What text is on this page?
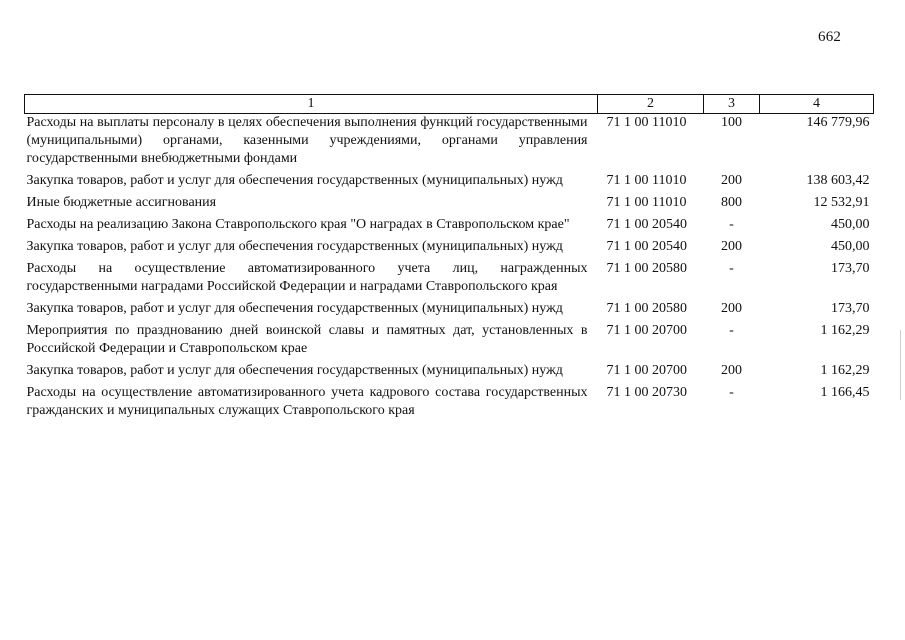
662
1	2	3	4
Расходы на выплаты персоналу в целях обеспечения выполнения функций государственными (муниципальными) органами, казенными учреждениями, органами управления государственными внебюджетными фондами	71 1 00 11010	100	146 779,96
Закупка товаров, работ и услуг для обеспечения государственных (муниципальных) нужд	71 1 00 11010	200	138 603,42
Иные бюджетные ассигнования	71 1 00 11010	800	12 532,91
Расходы на реализацию Закона Ставропольского края "О наградах в Ставропольском крае"	71 1 00 20540	-	450,00
Закупка товаров, работ и услуг для обеспечения государственных (муниципальных) нужд	71 1 00 20540	200	450,00
Расходы на осуществление автоматизированного учета лиц, награжденных государственными наградами Российской Федерации и наградами Ставропольского края	71 1 00 20580	-	173,70
Закупка товаров, работ и услуг для обеспечения государственных (муниципальных) нужд	71 1 00 20580	200	173,70
Мероприятия по празднованию дней воинской славы и памятных дат, установленных в Российской Федерации и Ставропольском крае	71 1 00 20700	-	1 162,29
Закупка товаров, работ и услуг для обеспечения государственных (муниципальных) нужд	71 1 00 20700	200	1 162,29
Расходы на осуществление автоматизированного учета кадрового состава государственных гражданских и муниципальных служащих Ставропольского края	71 1 00 20730	-	1 166,45
